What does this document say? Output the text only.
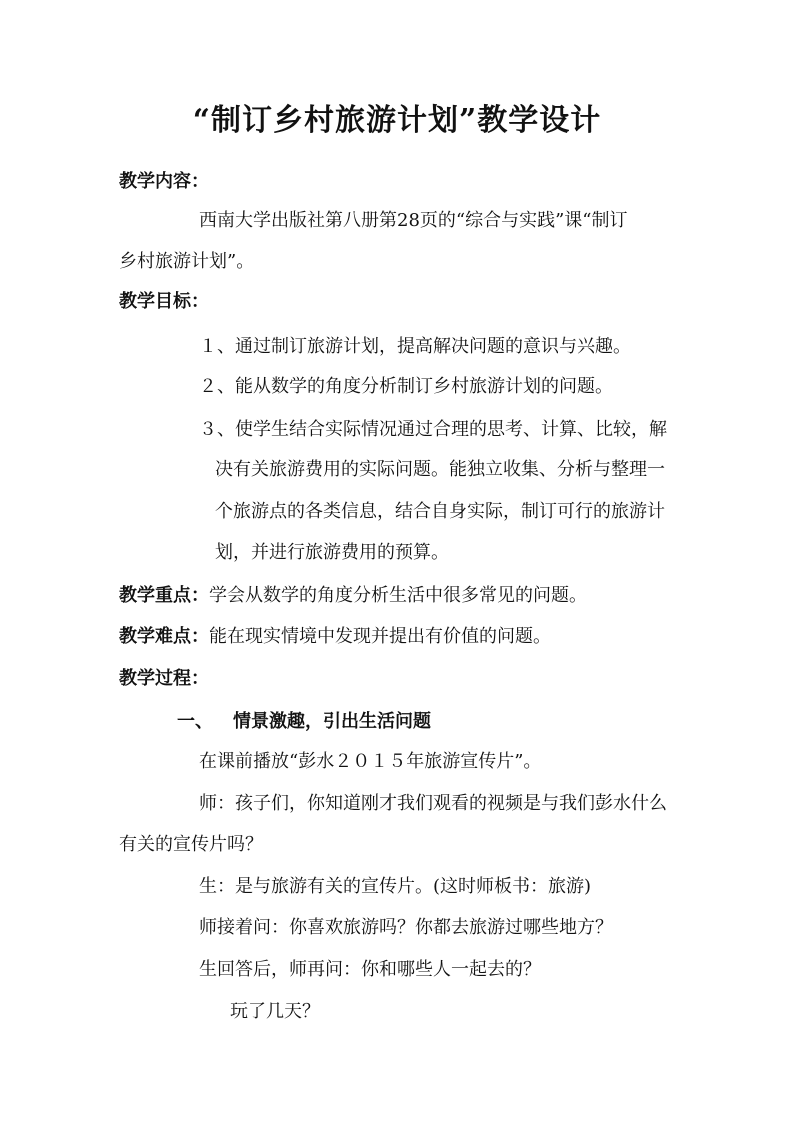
“制订乡村旅游计划”教学设计
教学内容：
西南大学出版社第八册第28页的“综合与实践”课“制订
乡村旅游计划”。
教学目标：
１、通过制订旅游计划，提高解决问题的意识与兴趣。
２、能从数学的角度分析制订乡村旅游计划的问题。
３、使学生结合实际情况通过合理的思考、计算、比较，解
决有关旅游费用的实际问题。能独立收集、分析与整理一
个旅游点的各类信息，结合自身实际，制订可行的旅游计
划，并进行旅游费用的预算。
教学重点：学会从数学的角度分析生活中很多常见的问题。
教学难点：能在现实情境中发现并提出有价值的问题。
教学过程：
一、 情景激趣，引出生活问题
在课前播放“彭水２０１５年旅游宣传片”。
师：孩子们，你知道刚才我们观看的视频是与我们彭水什么
有关的宣传片吗？
生：是与旅游有关的宣传片。(这时师板书：旅游)
师接着问：你喜欢旅游吗？你都去旅游过哪些地方？
生回答后，师再问：你和哪些人一起去的？
玩了几天？
